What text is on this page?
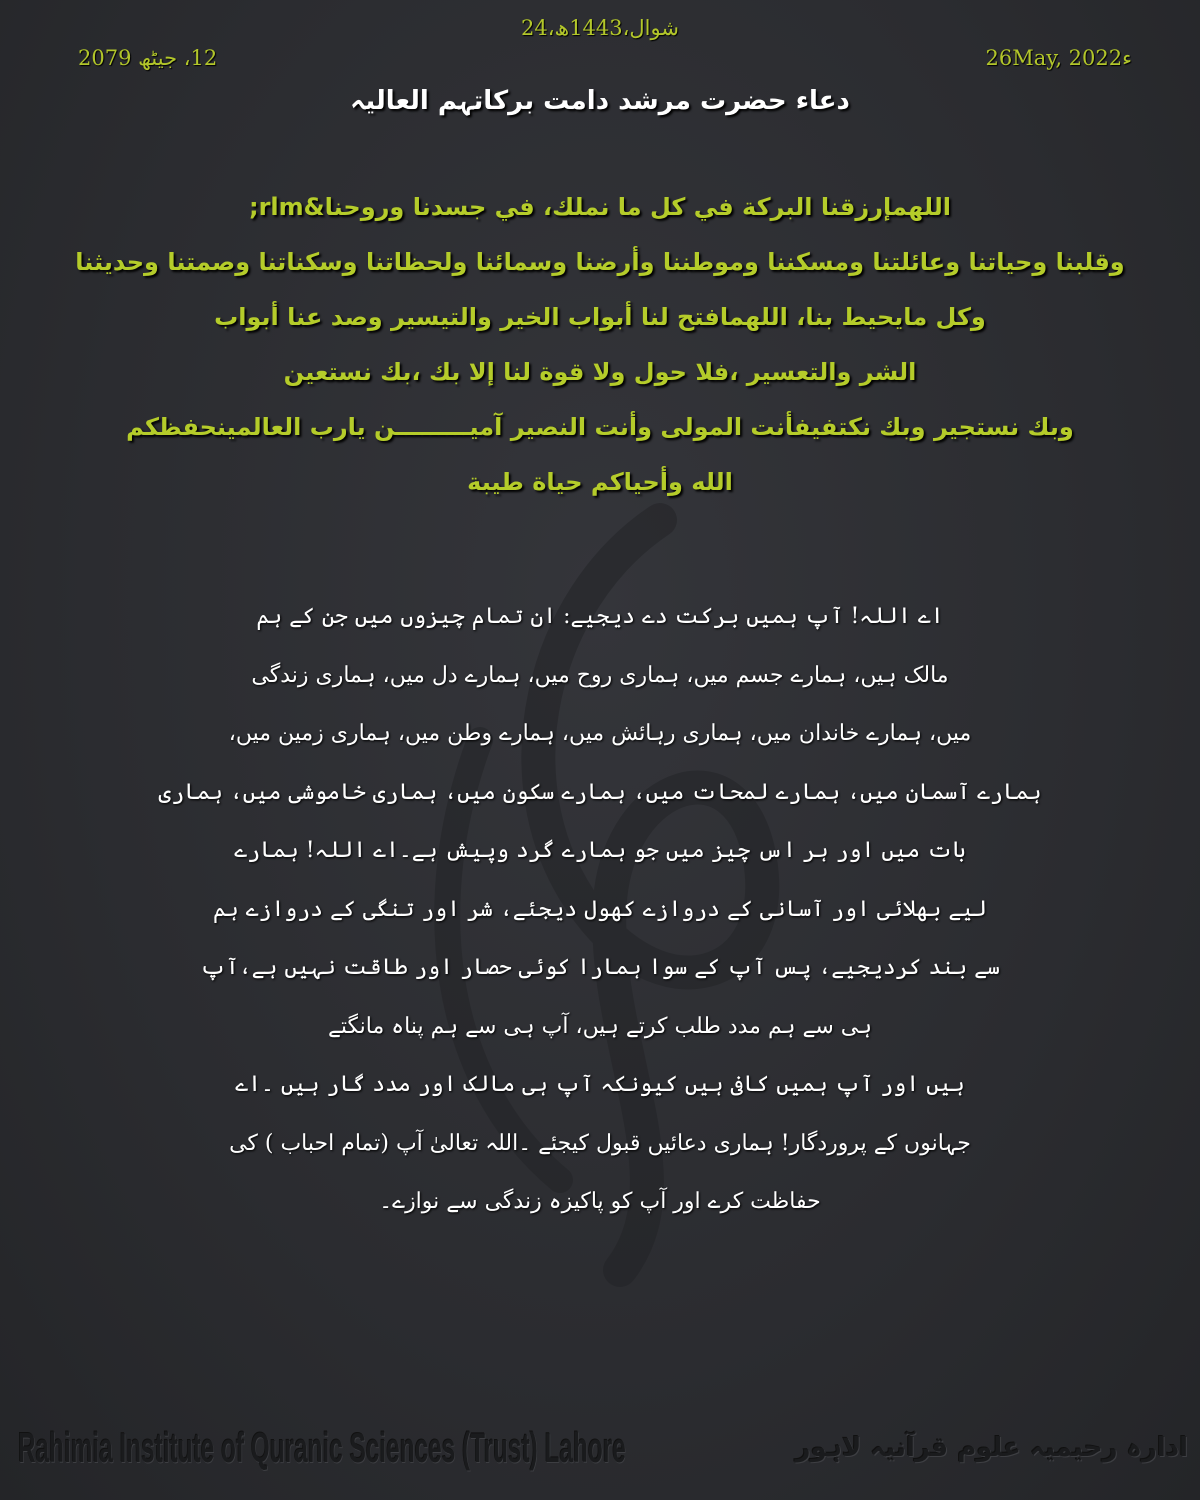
24،شوال،1443ھ
12، جیٹھ 2079	26May, 2022ء
دعاء حضرت مرشد دامت برکاتہم العالیہ
اللهمإرزقنا البركة في كل ما نملك، في جسدنا وروحنا&rlm;
وقلبنا وحياتنا وعائلتنا ومسكننا وموطننا وأرضنا وسمائنا ولحظاتنا وسكناتنا وصمتنا وحديثنا
وكل مايحيط بنا، اللهمافتح لنا أبواب الخير والتيسير وصد عنا أبواب
الشر والتعسير ،فلا حول ولا قوة لنا إلا بك ،بك نستعين
وبك نستجير وبك نكتفيفأنت المولى وأنت النصير آميـــــــــن يارب العالمينحفظكم
الله وأحياكم حياة طيبة
اے اللہ! آپ ہمیں برکت دے دیجیے: ان تمام چیزوں میں جن کے ہم
مالک ہیں، ہمارے جسم میں، ہماری روح میں، ہمارے دل میں، ہماری زندگی
میں، ہمارے خاندان میں، ہماری رہائش میں، ہمارے وطن میں، ہماری زمین میں،
ہمارے آسمان میں، ہمارے لمحات میں، ہمارے سکون میں، ہماری خاموشی میں، ہماری
بات میں اور ہر اس چیز میں جو ہمارے گرد وپیش ہے۔اے اللہ! ہمارے
لیے بھلائی اور آسانی کے دروازے کھول دیجئے، شر اور تنگی کے دروازے ہم
سے بند کردیجیے، پس آپ کے سوا ہمارا کوئی حصار اور طاقت نہیں ہے،آپ
ہی سے ہم مدد طلب کرتے ہیں، آپ ہی سے ہم پناہ مانگتے
ہیں اور آپ ہمیں کافی ہیں کیونکہ آپ ہی مالک اور مدد گار ہیں ۔اے
جہانوں کے پروردگار! ہماری دعائیں قبول کیجئے ۔اللہ تعالیٰ آپ (تمام احباب ) کی
حفاظت کرے اور آپ کو پاکیزہ زندگی سے نوازے۔
Rahimia Institute of Quranic Sciences (Trust) Lahore	ادارہ رحیمیہ علوم قرآنیہ لاہور
